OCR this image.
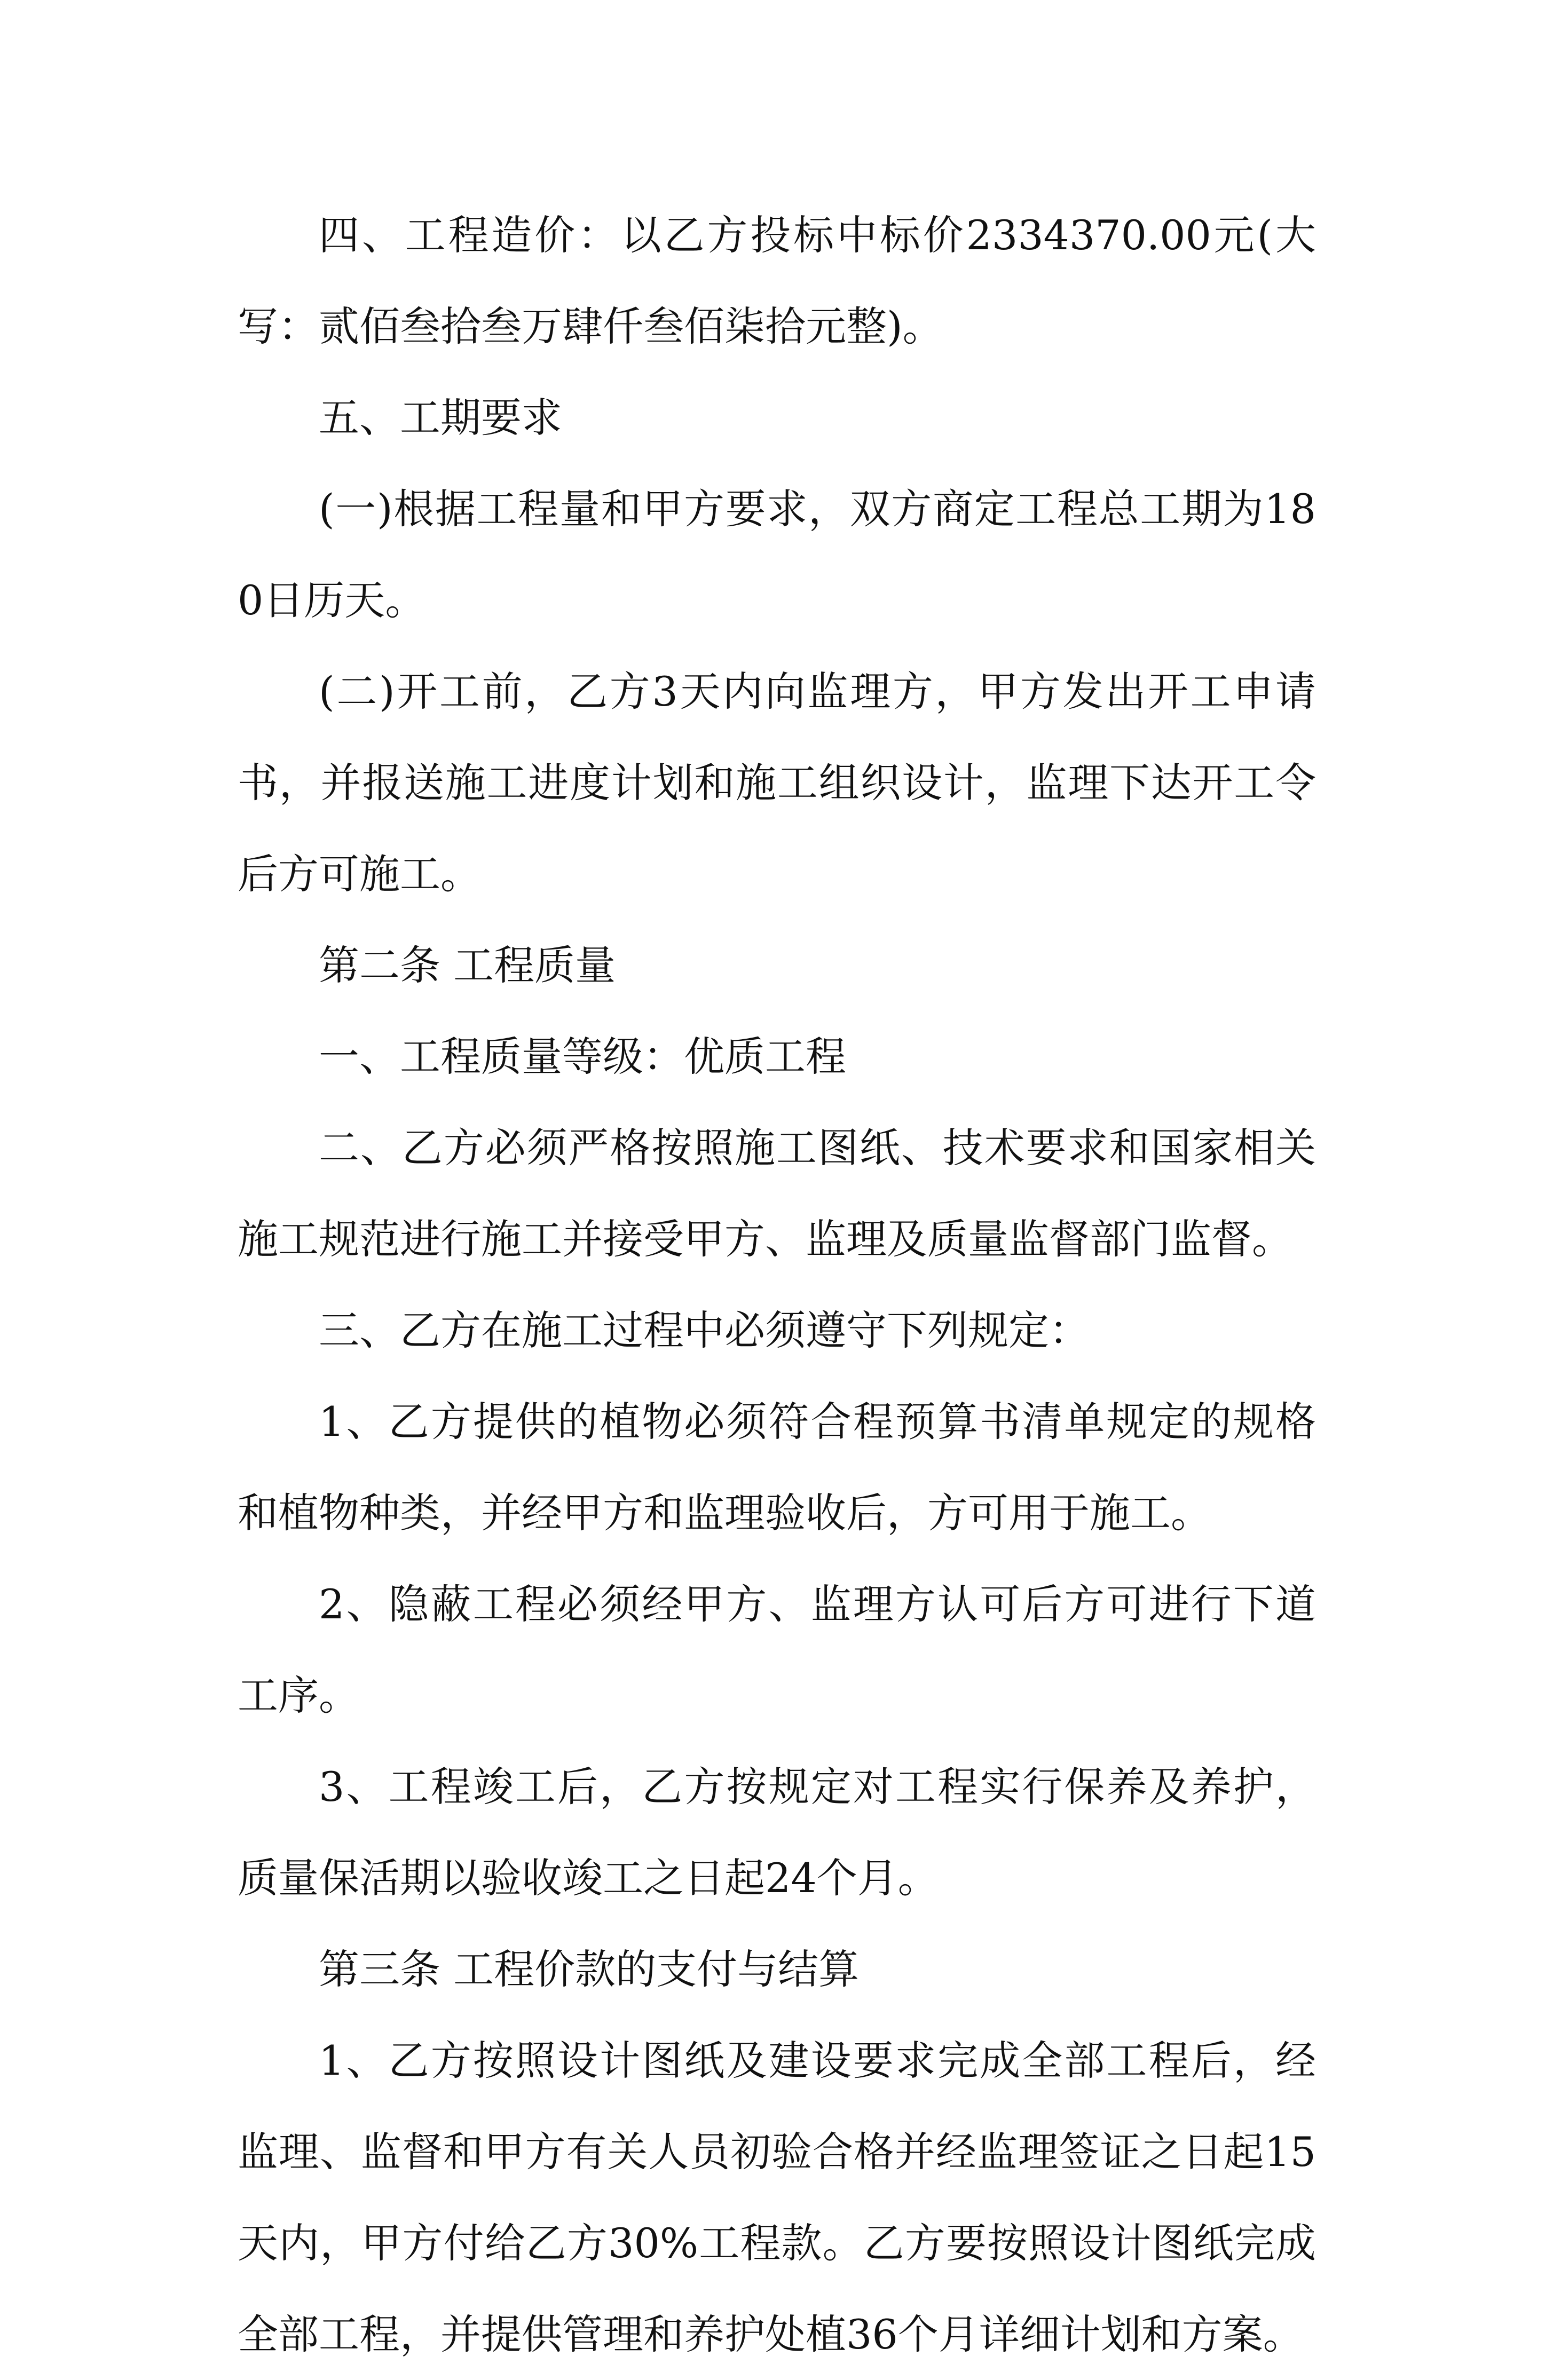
四、工程造价：以乙方投标中标价2334370.00元(大写：贰佰叁拾叁万肆仟叁佰柒拾元整)。

五、工期要求

(一)根据工程量和甲方要求，双方商定工程总工期为180日历天。

(二)开工前，乙方3天内向监理方，甲方发出开工申请书，并报送施工进度计划和施工组织设计，监理下达开工令后方可施工。

第二条 工程质量

一、工程质量等级：优质工程

二、乙方必须严格按照施工图纸、技术要求和国家相关施工规范进行施工并接受甲方、监理及质量监督部门监督。

三、乙方在施工过程中必须遵守下列规定：

1、乙方提供的植物必须符合程预算书清单规定的规格和植物种类，并经甲方和监理验收后，方可用于施工。

2、隐蔽工程必须经甲方、监理方认可后方可进行下道工序。

3、工程竣工后，乙方按规定对工程实行保养及养护，质量保活期以验收竣工之日起24个月。

第三条 工程价款的支付与结算

1、乙方按照设计图纸及建设要求完成全部工程后，经监理、监督和甲方有关人员初验合格并经监理签证之日起15天内，甲方付给乙方30%工程款。乙方要按照设计图纸完成全部工程，并提供管理和养护处植36个月详细计划和方案。
